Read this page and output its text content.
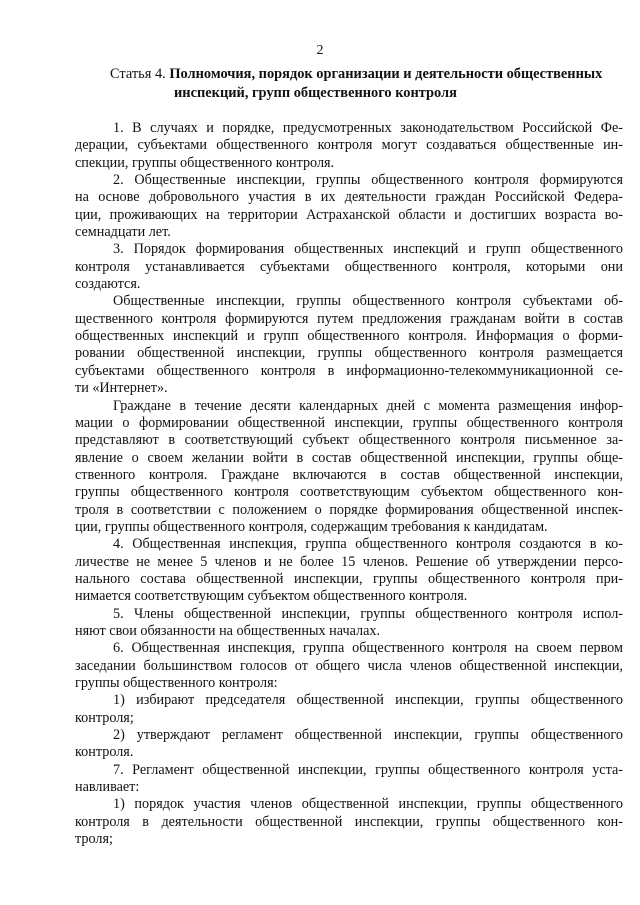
2
Статья 4. Полномочия, порядок организации и деятельности общественных
инспекций, групп общественного контроля
1. В случаях и порядке, предусмотренных законодательством Российской Фе-
дерации, субъектами общественного контроля могут создаваться общественные ин-
спекции, группы общественного контроля.
2. Общественные инспекции, группы общественного контроля формируются
на основе добровольного участия в их деятельности граждан Российской Федера-
ции, проживающих на территории Астраханской области и достигших возраста во-
семнадцати лет.
3. Порядок формирования общественных инспекций и групп общественного
контроля устанавливается субъектами общественного контроля, которыми они
создаются.
Общественные инспекции, группы общественного контроля субъектами об-
щественного контроля формируются путем предложения гражданам войти в состав
общественных инспекций и групп общественного контроля. Информация о форми-
ровании общественной инспекции, группы общественного контроля размещается
субъектами общественного контроля в информационно-телекоммуникационной се-
ти «Интернет».
Граждане в течение десяти календарных дней с момента размещения инфор-
мации о формировании общественной инспекции, группы общественного контроля
представляют в соответствующий субъект общественного контроля письменное за-
явление о своем желании войти в состав общественной инспекции, группы обще-
ственного контроля. Граждане включаются в состав общественной инспекции,
группы общественного контроля соответствующим субъектом общественного кон-
троля в соответствии с положением о порядке формирования общественной инспек-
ции, группы общественного контроля, содержащим требования к кандидатам.
4. Общественная инспекция, группа общественного контроля создаются в ко-
личестве не менее 5 членов и не более 15 членов. Решение об утверждении персо-
нального состава общественной инспекции, группы общественного контроля при-
нимается соответствующим субъектом общественного контроля.
5. Члены общественной инспекции, группы общественного контроля испол-
няют свои обязанности на общественных началах.
6. Общественная инспекция, группа общественного контроля на своем первом
заседании большинством голосов от общего числа членов общественной инспекции,
группы общественного контроля:
1) избирают председателя общественной инспекции, группы общественного
контроля;
2) утверждают регламент общественной инспекции, группы общественного
контроля.
7. Регламент общественной инспекции, группы общественного контроля уста-
навливает:
1) порядок участия членов общественной инспекции, группы общественного
контроля в деятельности общественной инспекции, группы общественного кон-
троля;
